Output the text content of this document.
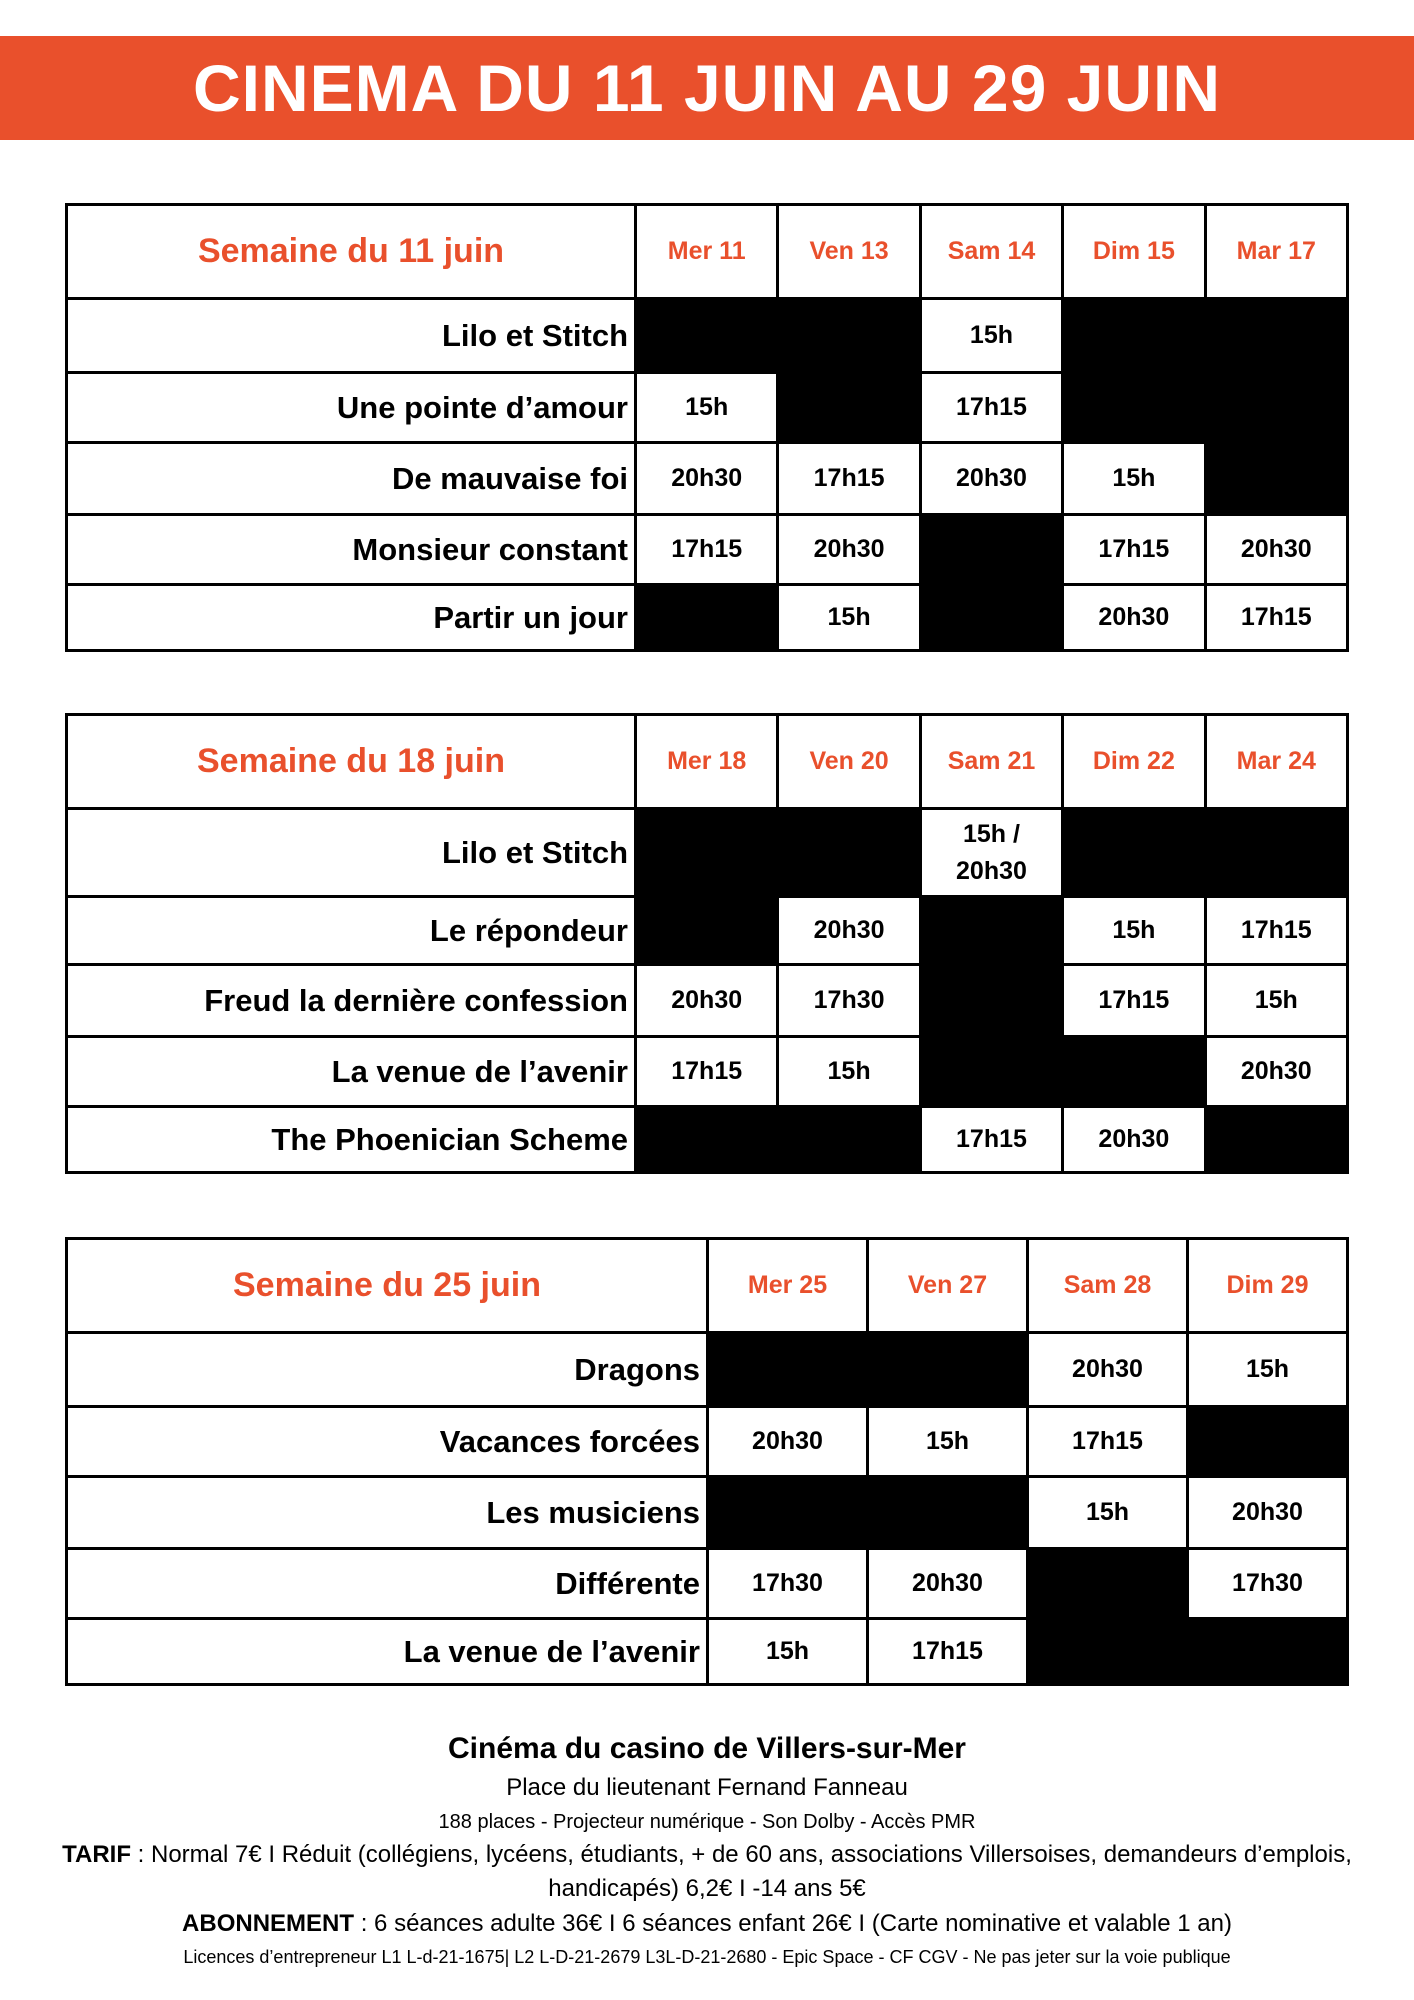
CINEMA DU 11 JUIN AU 29 JUIN
Semaine du 11 juin	Mer 11	Ven 13	Sam 14	Dim 15	Mar 17
Lilo et Stitch			15h		
Une pointe d’amour	15h		17h15		
De mauvaise foi	20h30	17h15	20h30	15h	
Monsieur constant	17h15	20h30		17h15	20h30
Partir un jour		15h		20h30	17h15
Semaine du 18 juin	Mer 18	Ven 20	Sam 21	Dim 22	Mar 24
Lilo et Stitch			15h /
20h30		
Le répondeur		20h30		15h	17h15
Freud la dernière confession	20h30	17h30		17h15	15h
La venue de l’avenir	17h15	15h			20h30
The Phoenician Scheme			17h15	20h30	
Semaine du 25 juin	Mer 25	Ven 27	Sam 28	Dim 29
Dragons			20h30	15h
Vacances forcées	20h30	15h	17h15	
Les musiciens			15h	20h30
Différente	17h30	20h30		17h30
La venue de l’avenir	15h	17h15		
Cinéma du casino de Villers-sur-Mer
Place du lieutenant Fernand Fanneau
188 places - Projecteur numérique - Son Dolby - Accès PMR
TARIF : Normal 7€ I Réduit (collégiens, lycéens, étudiants, + de 60 ans, associations Villersoises, demandeurs d’emplois, handicapés) 6,2€ I -14 ans 5€
ABONNEMENT : 6 séances adulte 36€ I 6 séances enfant 26€ I (Carte nominative et valable 1 an)
Licences d’entrepreneur L1 L-d-21-1675| L2 L-D-21-2679 L3L-D-21-2680 - Epic Space - CF CGV - Ne pas jeter sur la voie publique
